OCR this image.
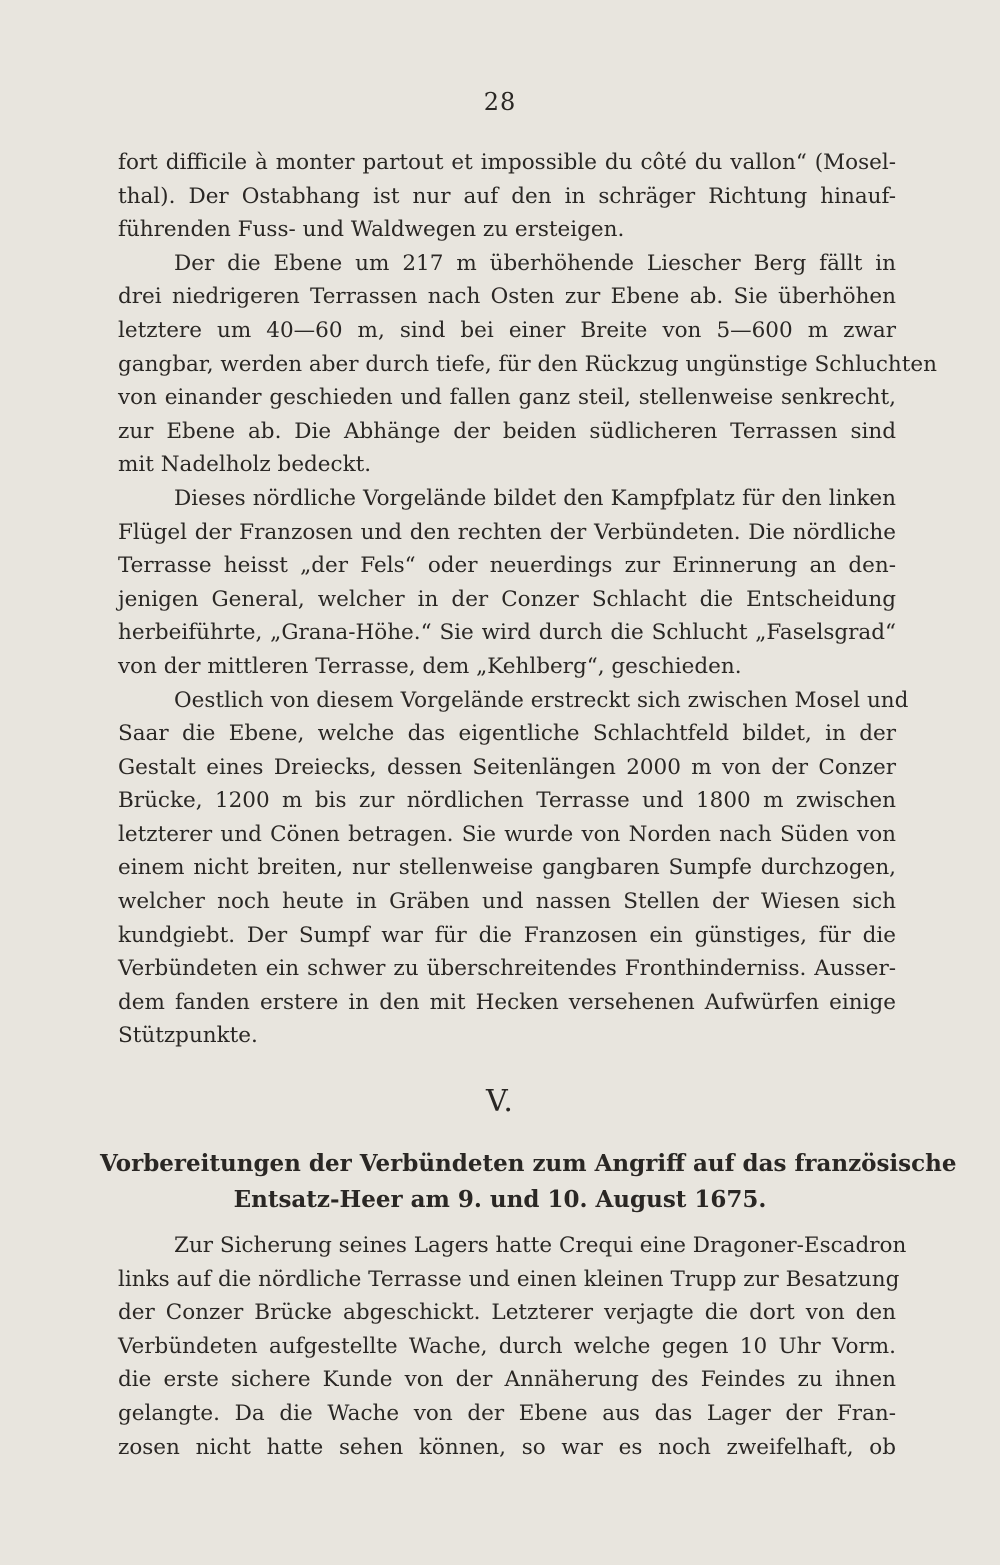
28
fort difficile à monter partout et impossible du côté du vallon“ (Mosel-
thal). Der Ostabhang ist nur auf den in schräger Richtung hinauf-
führenden Fuss- und Waldwegen zu ersteigen.
Der die Ebene um 217 m überhöhende Liescher Berg fällt in
drei niedrigeren Terrassen nach Osten zur Ebene ab. Sie überhöhen
letztere um 40—60 m, sind bei einer Breite von 5—600 m zwar
gangbar, werden aber durch tiefe, für den Rückzug ungünstige Schluchten
von einander geschieden und fallen ganz steil, stellenweise senkrecht,
zur Ebene ab. Die Abhänge der beiden südlicheren Terrassen sind
mit Nadelholz bedeckt.
Dieses nördliche Vorgelände bildet den Kampfplatz für den linken
Flügel der Franzosen und den rechten der Verbündeten. Die nördliche
Terrasse heisst „der Fels“ oder neuerdings zur Erinnerung an den-
jenigen General, welcher in der Conzer Schlacht die Entscheidung
herbeiführte, „Grana-Höhe.“ Sie wird durch die Schlucht „Faselsgrad“
von der mittleren Terrasse, dem „Kehlberg“, geschieden.
Oestlich von diesem Vorgelände erstreckt sich zwischen Mosel und
Saar die Ebene, welche das eigentliche Schlachtfeld bildet, in der
Gestalt eines Dreiecks, dessen Seitenlängen 2000 m von der Conzer
Brücke, 1200 m bis zur nördlichen Terrasse und 1800 m zwischen
letzterer und Cönen betragen. Sie wurde von Norden nach Süden von
einem nicht breiten, nur stellenweise gangbaren Sumpfe durchzogen,
welcher noch heute in Gräben und nassen Stellen der Wiesen sich
kundgiebt. Der Sumpf war für die Franzosen ein günstiges, für die
Verbündeten ein schwer zu überschreitendes Fronthinderniss. Ausser-
dem fanden erstere in den mit Hecken versehenen Aufwürfen einige
Stützpunkte.
V.
Vorbereitungen der Verbündeten zum Angriff auf das französische
Entsatz-Heer am 9. und 10. August 1675.
Zur Sicherung seines Lagers hatte Crequi eine Dragoner-Escadron
links auf die nördliche Terrasse und einen kleinen Trupp zur Besatzung
der Conzer Brücke abgeschickt. Letzterer verjagte die dort von den
Verbündeten aufgestellte Wache, durch welche gegen 10 Uhr Vorm.
die erste sichere Kunde von der Annäherung des Feindes zu ihnen
gelangte. Da die Wache von der Ebene aus das Lager der Fran-
zosen nicht hatte sehen können, so war es noch zweifelhaft, ob
